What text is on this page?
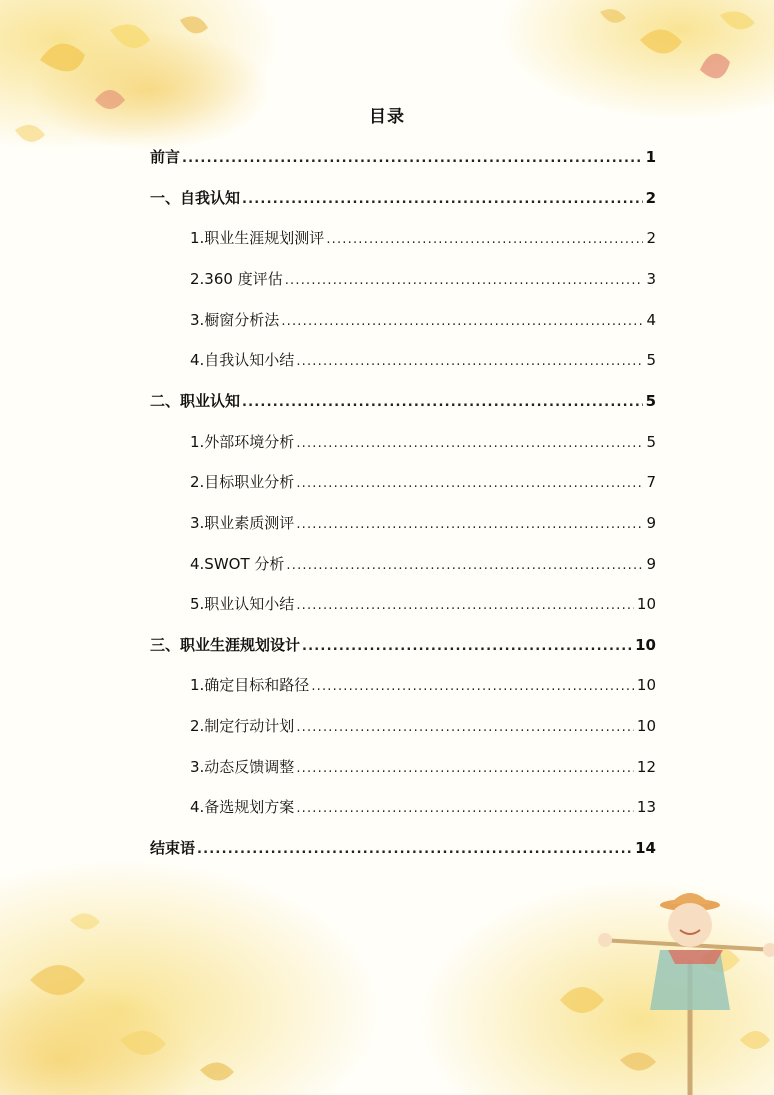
目录
前言 .....	1
一、自我认知 .....	2
1.职业生涯规划测评 .....	2
2.360 度评估 .....	3
3.橱窗分析法 .....	4
4.自我认知小结 .....	5
二、职业认知 .....	5
1.外部环境分析 .....	5
2.目标职业分析 .....	7
3.职业素质测评 .....	9
4.SWOT 分析 .....	9
5.职业认知小结 .....	10
三、职业生涯规划设计 .....	10
1.确定目标和路径 .....	10
2.制定行动计划 .....	10
3.动态反馈调整 .....	12
4.备选规划方案 .....	13
结束语 .....	14
